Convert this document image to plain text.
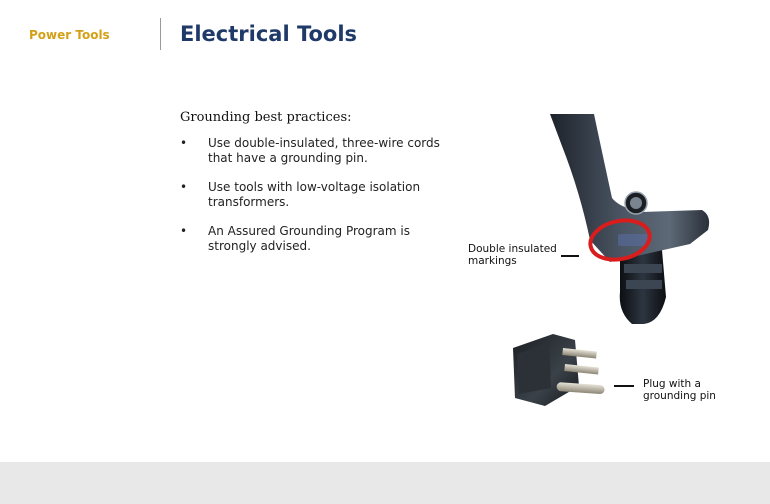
Power Tools	Electrical Tools
Grounding best practices:
• Use double-insulated, three-wire cords that have a grounding pin.
• Use tools with low-voltage isolation transformers.
• An Assured Grounding Program is strongly advised.	Double insulated markings
Plug with a grounding pin
